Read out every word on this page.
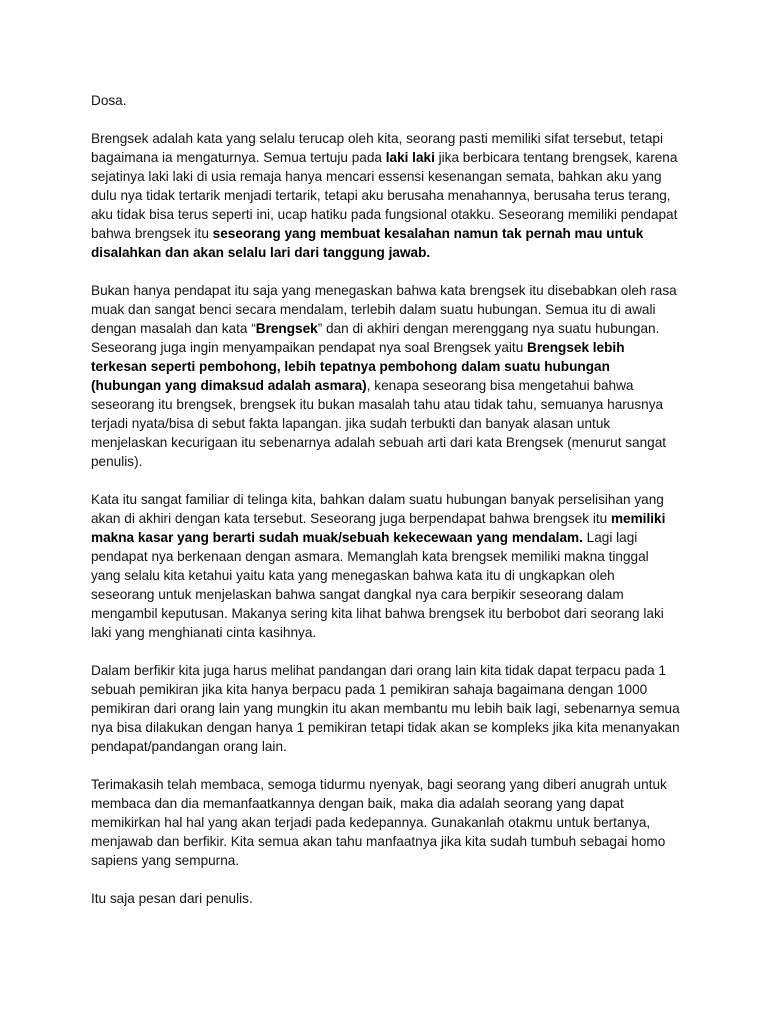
Dosa.

Brengsek adalah kata yang selalu terucap oleh kita, seorang pasti memiliki sifat tersebut, tetapi bagaimana ia mengaturnya. Semua tertuju pada laki laki jika berbicara tentang brengsek, karena sejatinya laki laki di usia remaja hanya mencari essensi kesenangan semata, bahkan aku yang dulu nya tidak tertarik menjadi tertarik, tetapi aku berusaha menahannya, berusaha terus terang, aku tidak bisa terus seperti ini, ucap hatiku pada fungsional otakku. Seseorang memiliki pendapat bahwa brengsek itu seseorang yang membuat kesalahan namun tak pernah mau untuk disalahkan dan akan selalu lari dari tanggung jawab.

Bukan hanya pendapat itu saja yang menegaskan bahwa kata brengsek itu disebabkan oleh rasa muak dan sangat benci secara mendalam, terlebih dalam suatu hubungan. Semua itu di awali dengan masalah dan kata “Brengsek” dan di akhiri dengan merenggang nya suatu hubungan. Seseorang juga ingin menyampaikan pendapat nya soal Brengsek yaitu Brengsek lebih terkesan seperti pembohong, lebih tepatnya pembohong dalam suatu hubungan (hubungan yang dimaksud adalah asmara), kenapa seseorang bisa mengetahui bahwa seseorang itu brengsek, brengsek itu bukan masalah tahu atau tidak tahu, semuanya harusnya terjadi nyata/bisa di sebut fakta lapangan. jika sudah terbukti dan banyak alasan untuk menjelaskan kecurigaan itu sebenarnya adalah sebuah arti dari kata Brengsek (menurut sangat penulis).

Kata itu sangat familiar di telinga kita, bahkan dalam suatu hubungan banyak perselisihan yang akan di akhiri dengan kata tersebut. Seseorang juga berpendapat bahwa brengsek itu memiliki makna kasar yang berarti sudah muak/sebuah kekecewaan yang mendalam. Lagi lagi pendapat nya berkenaan dengan asmara. Memanglah kata brengsek memiliki makna tinggal yang selalu kita ketahui yaitu kata yang menegaskan bahwa kata itu di ungkapkan oleh seseorang untuk menjelaskan bahwa sangat dangkal nya cara berpikir seseorang dalam mengambil keputusan. Makanya sering kita lihat bahwa brengsek itu berbobot dari seorang laki laki yang menghianati cinta kasihnya.

Dalam berfikir kita juga harus melihat pandangan dari orang lain kita tidak dapat terpacu pada 1 sebuah pemikiran jika kita hanya berpacu pada 1 pemikiran sahaja bagaimana dengan 1000 pemikiran dari orang lain yang mungkin itu akan membantu mu lebih baik lagi, sebenarnya semua nya bisa dilakukan dengan hanya 1 pemikiran tetapi tidak akan se kompleks jika kita menanyakan pendapat/pandangan orang lain.

Terimakasih telah membaca, semoga tidurmu nyenyak, bagi seorang yang diberi anugrah untuk membaca dan dia memanfaatkannya dengan baik, maka dia adalah seorang yang dapat memikirkan hal hal yang akan terjadi pada kedepannya. Gunakanlah otakmu untuk bertanya, menjawab dan berfikir. Kita semua akan tahu manfaatnya jika kita sudah tumbuh sebagai homo sapiens yang sempurna.

Itu saja pesan dari penulis.
